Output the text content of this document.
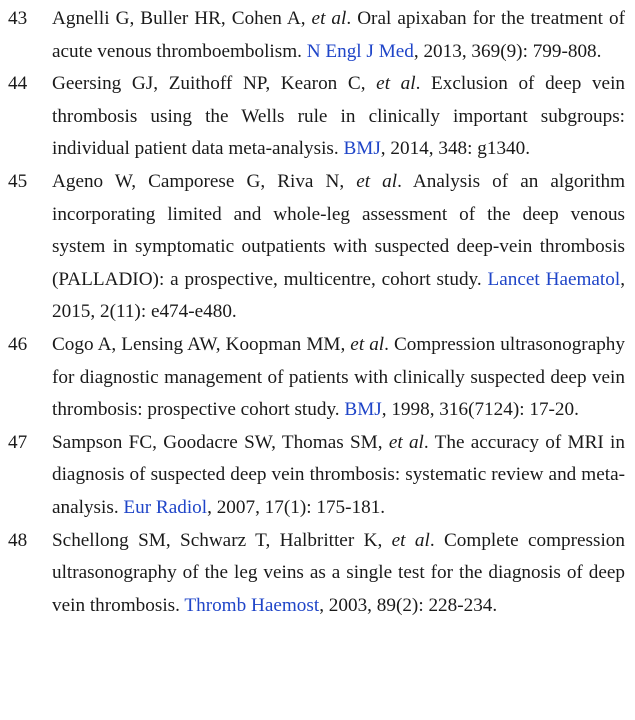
43 Agnelli G, Buller HR, Cohen A, et al. Oral apixaban for the treatment of acute venous thromboembolism. N Engl J Med, 2013, 369(9): 799-808.
44 Geersing GJ, Zuithoff NP, Kearon C, et al. Exclusion of deep vein thrombosis using the Wells rule in clinically important subgroups: individual patient data meta-analysis. BMJ, 2014, 348: g1340.
45 Ageno W, Camporese G, Riva N, et al. Analysis of an algorithm incorporating limited and whole-leg assessment of the deep venous system in symptomatic outpatients with suspected deep-vein thrombosis (PALLADIO): a prospective, multicentre, cohort study. Lancet Haematol, 2015, 2(11): e474-e480.
46 Cogo A, Lensing AW, Koopman MM, et al. Compression ultrasonography for diagnostic management of patients with clinically suspected deep vein thrombosis: prospective cohort study. BMJ, 1998, 316(7124): 17-20.
47 Sampson FC, Goodacre SW, Thomas SM, et al. The accuracy of MRI in diagnosis of suspected deep vein thrombosis: systematic review and meta-analysis. Eur Radiol, 2007, 17(1): 175-181.
48 Schellong SM, Schwarz T, Halbritter K, et al. Complete compression ultrasonography of the leg veins as a single test for the diagnosis of deep vein thrombosis. Thromb Haemost, 2003, 89(2): 228-234.
